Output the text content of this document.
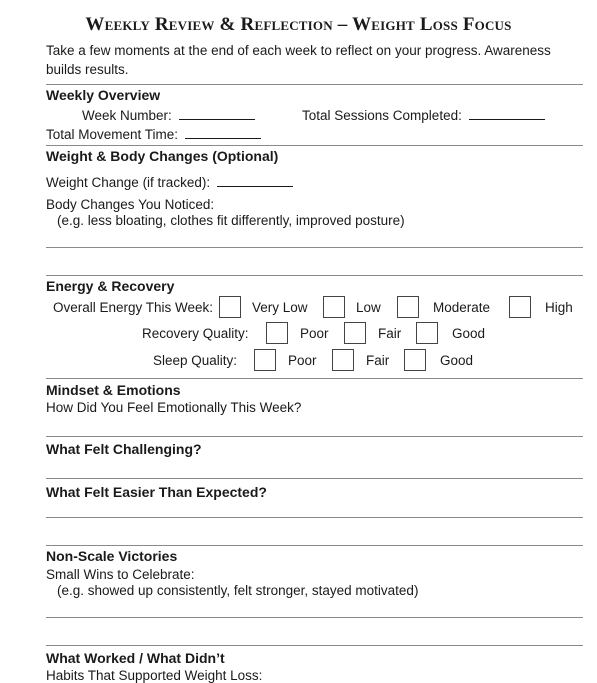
Weekly Review & Reflection – Weight Loss Focus
Take a few moments at the end of each week to reflect on your progress. Awareness builds results.
Weekly Overview
Week Number:	Total Sessions Completed:
Total Movement Time:
Weight & Body Changes (Optional)
Weight Change (if tracked):
Body Changes You Noticed:
(e.g. less bloating, clothes fit differently, improved posture)
Energy & Recovery
Overall Energy This Week:	Very Low	Low	Moderate	High
Recovery Quality:	Poor	Fair	Good
Sleep Quality:	Poor	Fair	Good
Mindset & Emotions
How Did You Feel Emotionally This Week?
What Felt Challenging?
What Felt Easier Than Expected?
Non-Scale Victories
Small Wins to Celebrate:
(e.g. showed up consistently, felt stronger, stayed motivated)
What Worked / What Didn’t
Habits That Supported Weight Loss:
